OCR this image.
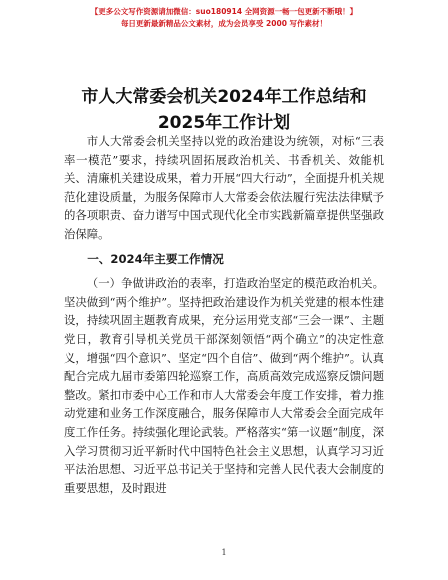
【更多公文写作资源请加微信：suo180914 全网资源一畅一包更新不断哦！】
每日更新最新精品公文素材，成为会员享受 2000 写作素材！
市人大常委会机关2024年工作总结和2025年工作计划

市人大常委会机关坚持以党的政治建设为统领，对标“三表率一模范”要求，持续巩固拓展政治机关、书香机关、效能机关、清廉机关建设成果，着力开展“四大行动”，全面提升机关规范化建设质量，为服务保障市人大常委会依法履行宪法法律赋予的各项职责、奋力谱写中国式现代化全市实践新篇章提供坚强政治保障。

一、2024年主要工作情况

（一）争做讲政治的表率，打造政治坚定的模范政治机关。坚决做到“两个维护”。坚持把政治建设作为机关党建的根本性建设，持续巩固主题教育成果，充分运用党支部“三会一课”、主题党日，教育引导机关党员干部深刻领悟“两个确立”的决定性意义，增强“四个意识”、坚定“四个自信”、做到“两个维护”。认真配合完成九届市委第四轮巡察工作，高质高效完成巡察反馈问题整改。紧扣市委中心工作和市人大常委会年度工作安排，着力推动党建和业务工作深度融合，服务保障市人大常委会全面完成年度工作任务。持续强化理论武装。严格落实“第一议题”制度，深入学习贯彻习近平新时代中国特色社会主义思想，认真学习习近平法治思想、习近平总书记关于坚持和完善人民代表大会制度的重要思想，及时跟进

1
